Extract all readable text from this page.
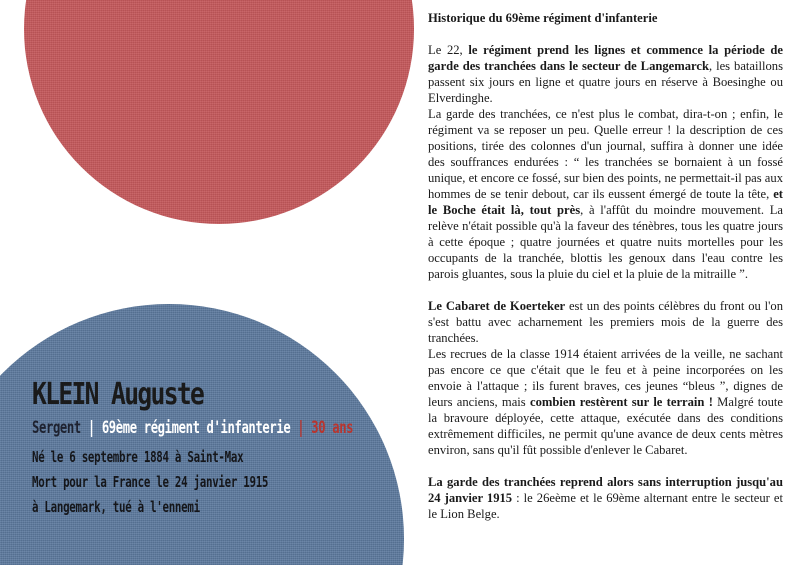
KLEIN Auguste
Sergent | 69ème régiment d'infanterie | 30 ans
Né le 6 septembre 1884 à Saint-Max
Mort pour la France le 24 janvier 1915
à Langemark, tué à l'ennemi

Historique du 69ème régiment d'infanterie

Le 22, le régiment prend les lignes et commence la période de garde des tranchées dans le secteur de Langemarck, les bataillons passent six jours en ligne et quatre jours en réserve à Boesinghe ou Elverdinghe.

La garde des tranchées, ce n'est plus le combat, dira-t-on ; enfin, le régiment va se reposer un peu. Quelle erreur ! la description de ces positions, tirée des colonnes d'un journal, suffira à donner une idée des souffrances endurées : “ les tranchées se bornaient à un fossé unique, et encore ce fossé, sur bien des points, ne permettait-il pas aux hommes de se tenir debout, car ils eussent émergé de toute la tête, et le Boche était là, tout près, à l'affût du moindre mouvement. La relève n'était possible qu'à la faveur des ténèbres, tous les quatre jours à cette époque ; quatre journées et quatre nuits mortelles pour les occupants de la tranchée, blottis les genoux dans l'eau contre les parois gluantes, sous la pluie du ciel et la pluie de la mitraille ”.

Le Cabaret de Koerteker est un des points célèbres du front ou l'on s'est battu avec acharnement les premiers mois de la guerre des tranchées.

Les recrues de la classe 1914 étaient arrivées de la veille, ne sachant pas encore ce que c'était que le feu et à peine incorporées on les envoie à l'attaque ; ils furent braves, ces jeunes “bleus ”, dignes de leurs anciens, mais combien restèrent sur le terrain ! Malgré toute la bravoure déployée, cette attaque, exécutée dans des conditions extrêmement difficiles, ne permit qu'une avance de deux cents mètres environ, sans qu'il fût possible d'enlever le Cabaret.

La garde des tranchées reprend alors sans interruption jusqu'au 24 janvier 1915 : le 26eème et le 69ème alternant entre le secteur et le Lion Belge.
